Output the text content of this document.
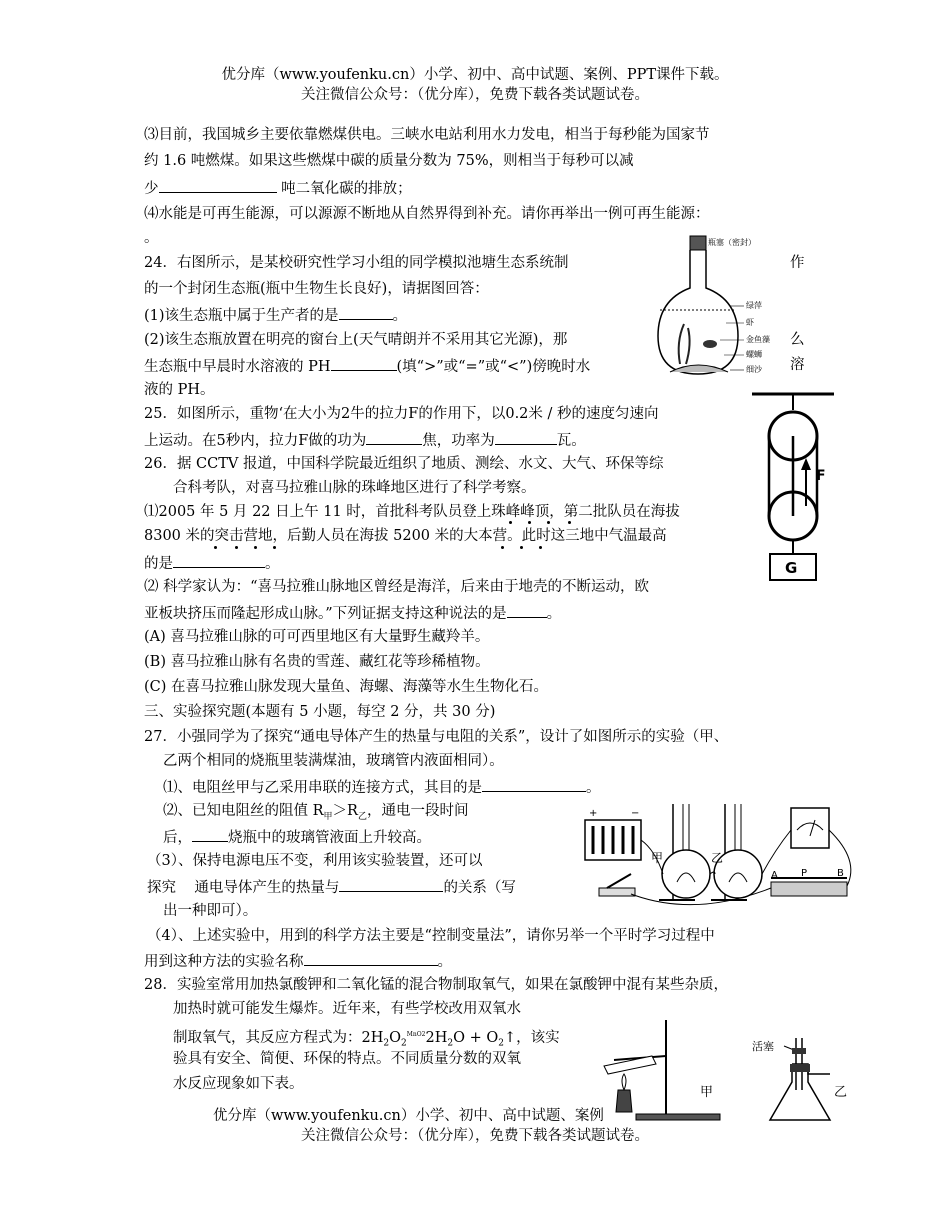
优分库（www.youfenku.cn）小学、初中、高中试题、案例、PPT课件下载。
关注微信公众号：（优分库），免费下载各类试题试卷。
⑶目前，我国城乡主要依靠燃煤供电。三峡水电站利用水力发电，相当于每秒能为国家节
约 1.6 吨燃煤。如果这些燃煤中碳的质量分数为 75%，则相当于每秒可以减
少	吨二氧化碳的排放；
⑷水能是可再生能源，可以源源不断地从自然界得到补充。请你再举出一例可再生能源：
。
24．右图所示，是某校研究性学习小组的同学模拟池塘生态系统制	作
的一个封闭生态瓶(瓶中生物生长良好)，请据图回答：
(1)该生态瓶中属于生产者的是	。
(2)该生态瓶放置在明亮的窗台上(天气晴朗并不采用其它光源)，那	么
生态瓶中早晨时水溶液的 PH	(填“>”或“=”或“<”)傍晚时水	溶
液的 PH。
瓶塞（密封）
绿萍
虾
金鱼藻
螺蛳
细沙
25．如图所示，重物‘在大小为2牛的拉力F的作用下，以0.2米 / 秒的速度匀速向
上运动。在5秒内，拉力F做的功为	焦，功率为	瓦。
F
G
26．据 CCTV 报道，中国科学院最近组织了地质、测绘、水文、大气、环保等综
合科考队，对喜马拉雅山脉的珠峰地区进行了科学考察。
⑴2005 年 5 月 22 日上午 11 时，首批科考队员登上珠峰峰顶，第二批队员在海拔
8300 米的突击营地，后勤人员在海拔 5200 米的大本营。此时这三地中气温最高
的是	。
⑵ 科学家认为：“喜马拉雅山脉地区曾经是海洋，后来由于地壳的不断运动，欧
亚板块挤压而隆起形成山脉。”下列证据支持这种说法的是	。
(A) 喜马拉雅山脉的可可西里地区有大量野生藏羚羊。
(B) 喜马拉雅山脉有名贵的雪莲、藏红花等珍稀植物。
(C) 在喜马拉雅山脉发现大量鱼、海螺、海藻等水生生物化石。
三、实验探究题(本题有 5 小题，每空 2 分，共 30 分)
27．小强同学为了探究“通电导体产生的热量与电阻的关系”，设计了如图所示的实验（甲、
乙两个相同的烧瓶里装满煤油，玻璃管内液面相同）。
⑴、电阻丝甲与乙采用串联的连接方式，其目的是	。
⑵、已知电阻丝的阻值 $R_甲>R_乙$，通电一段时间
后， 烧瓶中的玻璃管液面上升较高。
（3）、保持电源电压不变，利用该实验装置，还可以
探究    通电导体产生的热量与	的关系（写
出一种即可）。
（4）、上述实验中，用到的科学方法主要是“控制变量法”，请你另举一个平时学习过程中
用到这种方法的实验名称	。
+	−
甲	乙
A P	B
28．实验室常用加热氯酸钾和二氧化锰的混合物制取氧气，如果在氯酸钾中混有某些杂质，
加热时就可能发生爆炸。近年来，有些学校改用双氧水
制取氧气，其反应方程式为：$2H_2O_2^{MnO2}2H_2O$ + $O_2↑$，该实
验具有安全、简便、环保的特点。不同质量分数的双氧
水反应现象如下表。
甲
活塞
乙
优分库（www.youfenku.cn）小学、初中、高中试题、案例
关注微信公众号：（优分库），免费下载各类试题试卷。
